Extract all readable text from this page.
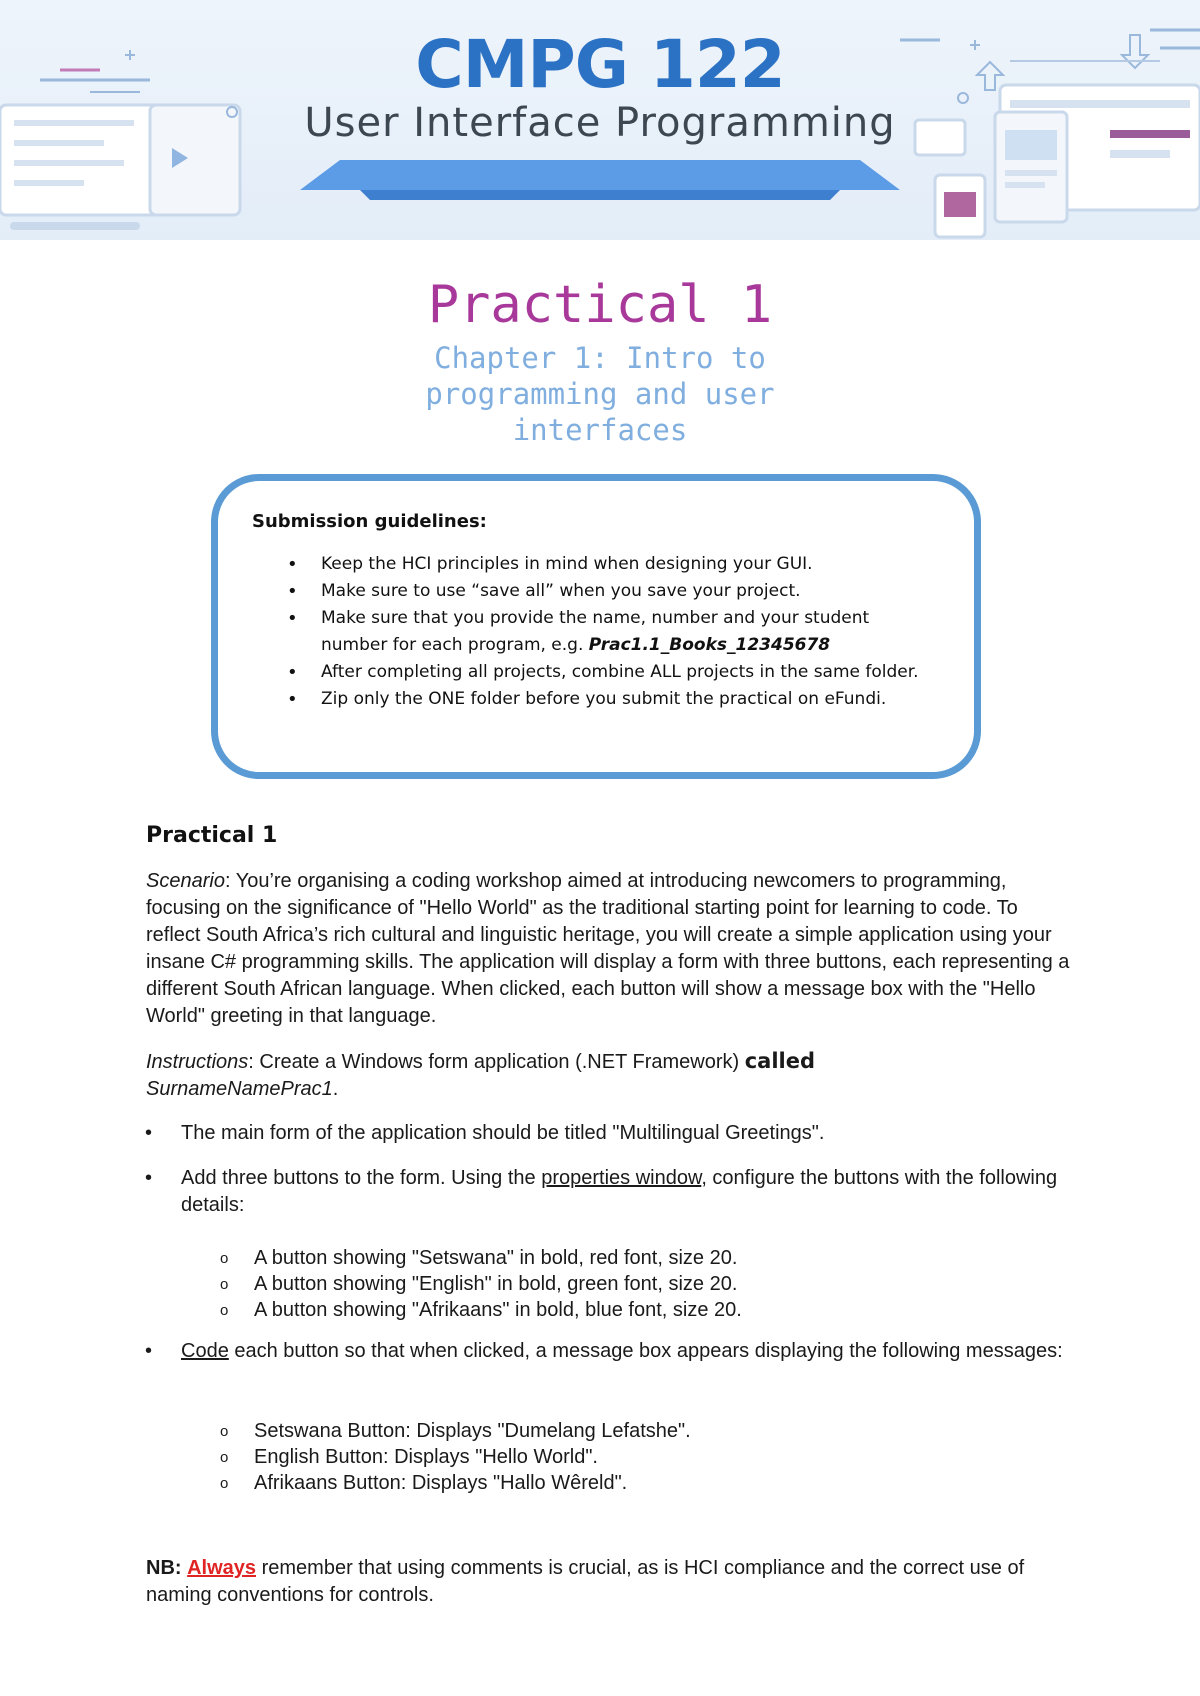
CMPG 122
User Interface Programming
Practical 1
Chapter 1: Intro to programming and user interfaces
Submission guidelines:
• Keep the HCI principles in mind when designing your GUI.
• Make sure to use “save all” when you save your project.
• Make sure that you provide the name, number and your student number for each program, e.g. Prac1.1_Books_12345678
• After completing all projects, combine ALL projects in the same folder.
• Zip only the ONE folder before you submit the practical on eFundi.
Practical 1

Scenario: You’re organising a coding workshop aimed at introducing newcomers to programming, focusing on the significance of "Hello World" as the traditional starting point for learning to code. To reflect South Africa’s rich cultural and linguistic heritage, you will create a simple application using your insane C# programming skills. The application will display a form with three buttons, each representing a different South African language. When clicked, each button will show a message box with the "Hello World" greeting in that language.

Instructions: Create a Windows form application (.NET Framework) called
SurnameNamePrac1.

• The main form of the application should be titled "Multilingual Greetings".

• Add three buttons to the form. Using the properties window, configure the buttons with the following details:

o A button showing "Setswana" in bold, red font, size 20.

o A button showing "English" in bold, green font, size 20.

o A button showing "Afrikaans" in bold, blue font, size 20.

• Code each button so that when clicked, a message box appears displaying the following messages:

o Setswana Button: Displays "Dumelang Lefatshe".

o English Button: Displays "Hello World".

o Afrikaans Button: Displays "Hallo Wêreld".

NB: Always remember that using comments is crucial, as is HCI compliance and the correct use of naming conventions for controls.
